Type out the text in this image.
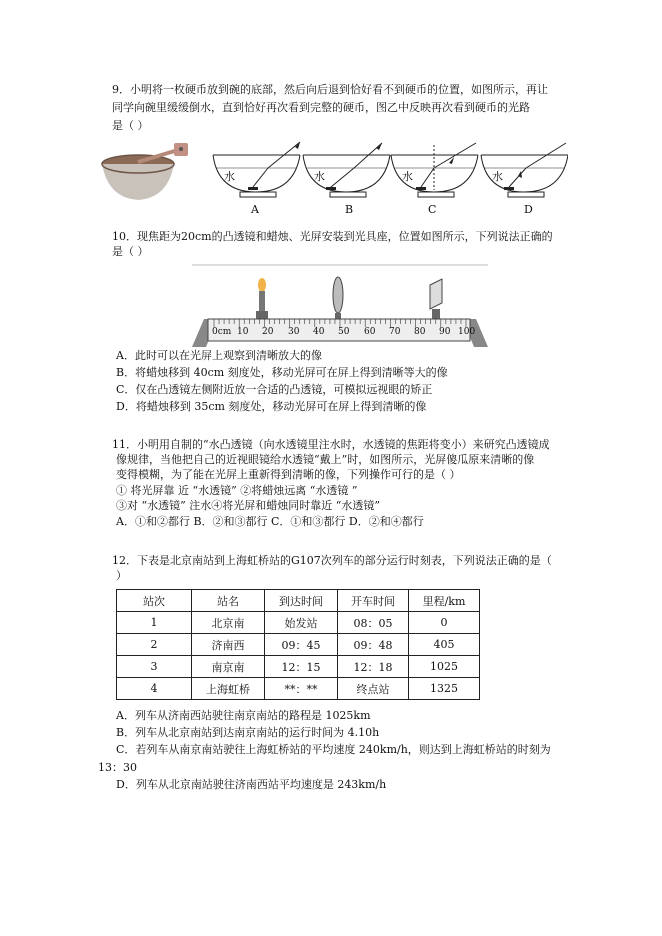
9．小明将一枚硬币放到碗的底部，然后向后退到恰好看不到硬币的位置，如图所示，再让
同学向碗里缓缓倒水，直到恰好再次看到完整的硬币，图乙中反映再次看到硬币的光路
是（ ）
水	水	水	水
A	B	C	D
10．现焦距为20cm的凸透镜和蜡烛、光屏安装到光具座，位置如图所示，下列说法正确的
是（ ）
0cm 10 20 30 40 50 60 70 80 90 100
A．此时可以在光屏上观察到清晰放大的像
B．将蜡烛移到 40cm 刻度处，移动光屏可在屏上得到清晰等大的像
C．仅在凸透镜左侧附近放一合适的凸透镜，可模拟远视眼的矫正
D．将蜡烛移到 35cm 刻度处，移动光屏可在屏上得到清晰的像
11．小明用自制的“水凸透镜（向水透镜里注水时，水透镜的焦距将变小）来研究凸透镜成
像规律，当他把自己的近视眼镜给水透镜“戴上”时，如图所示，光屏傻瓜原来清晰的像
变得模糊，为了能在光屏上重新得到清晰的像，下列操作可行的是（ ）
① 将光屏靠 近 “水透镜” ②将蜡烛远离 “水透镜 ”
③对 “水透镜” 注水④将光屏和蜡烛同时靠近 “水透镜”
A．①和②都行 B．②和③都行 C．①和③都行 D．②和④都行
12．下表是北京南站到上海虹桥站的G107次列车的部分运行时刻表，下列说法正确的是（
）
站次	站名	到达时间	开车时间	里程/km
1	北京南	始发站	08：05	0
2	济南西	09：45	09：48	405
3	南京南	12：15	12：18	1025
4	上海虹桥	**：**	终点站	1325
A．列车从济南西站驶往南京南站的路程是 1025km
B．列车从北京南站到达南京南站的运行时间为 4.10h
C．若列车从南京南站驶往上海虹桥站的平均速度 240km/h，则达到上海虹桥站的时刻为
13：30
D．列车从北京南站驶往济南西站平均速度是 243km/h
